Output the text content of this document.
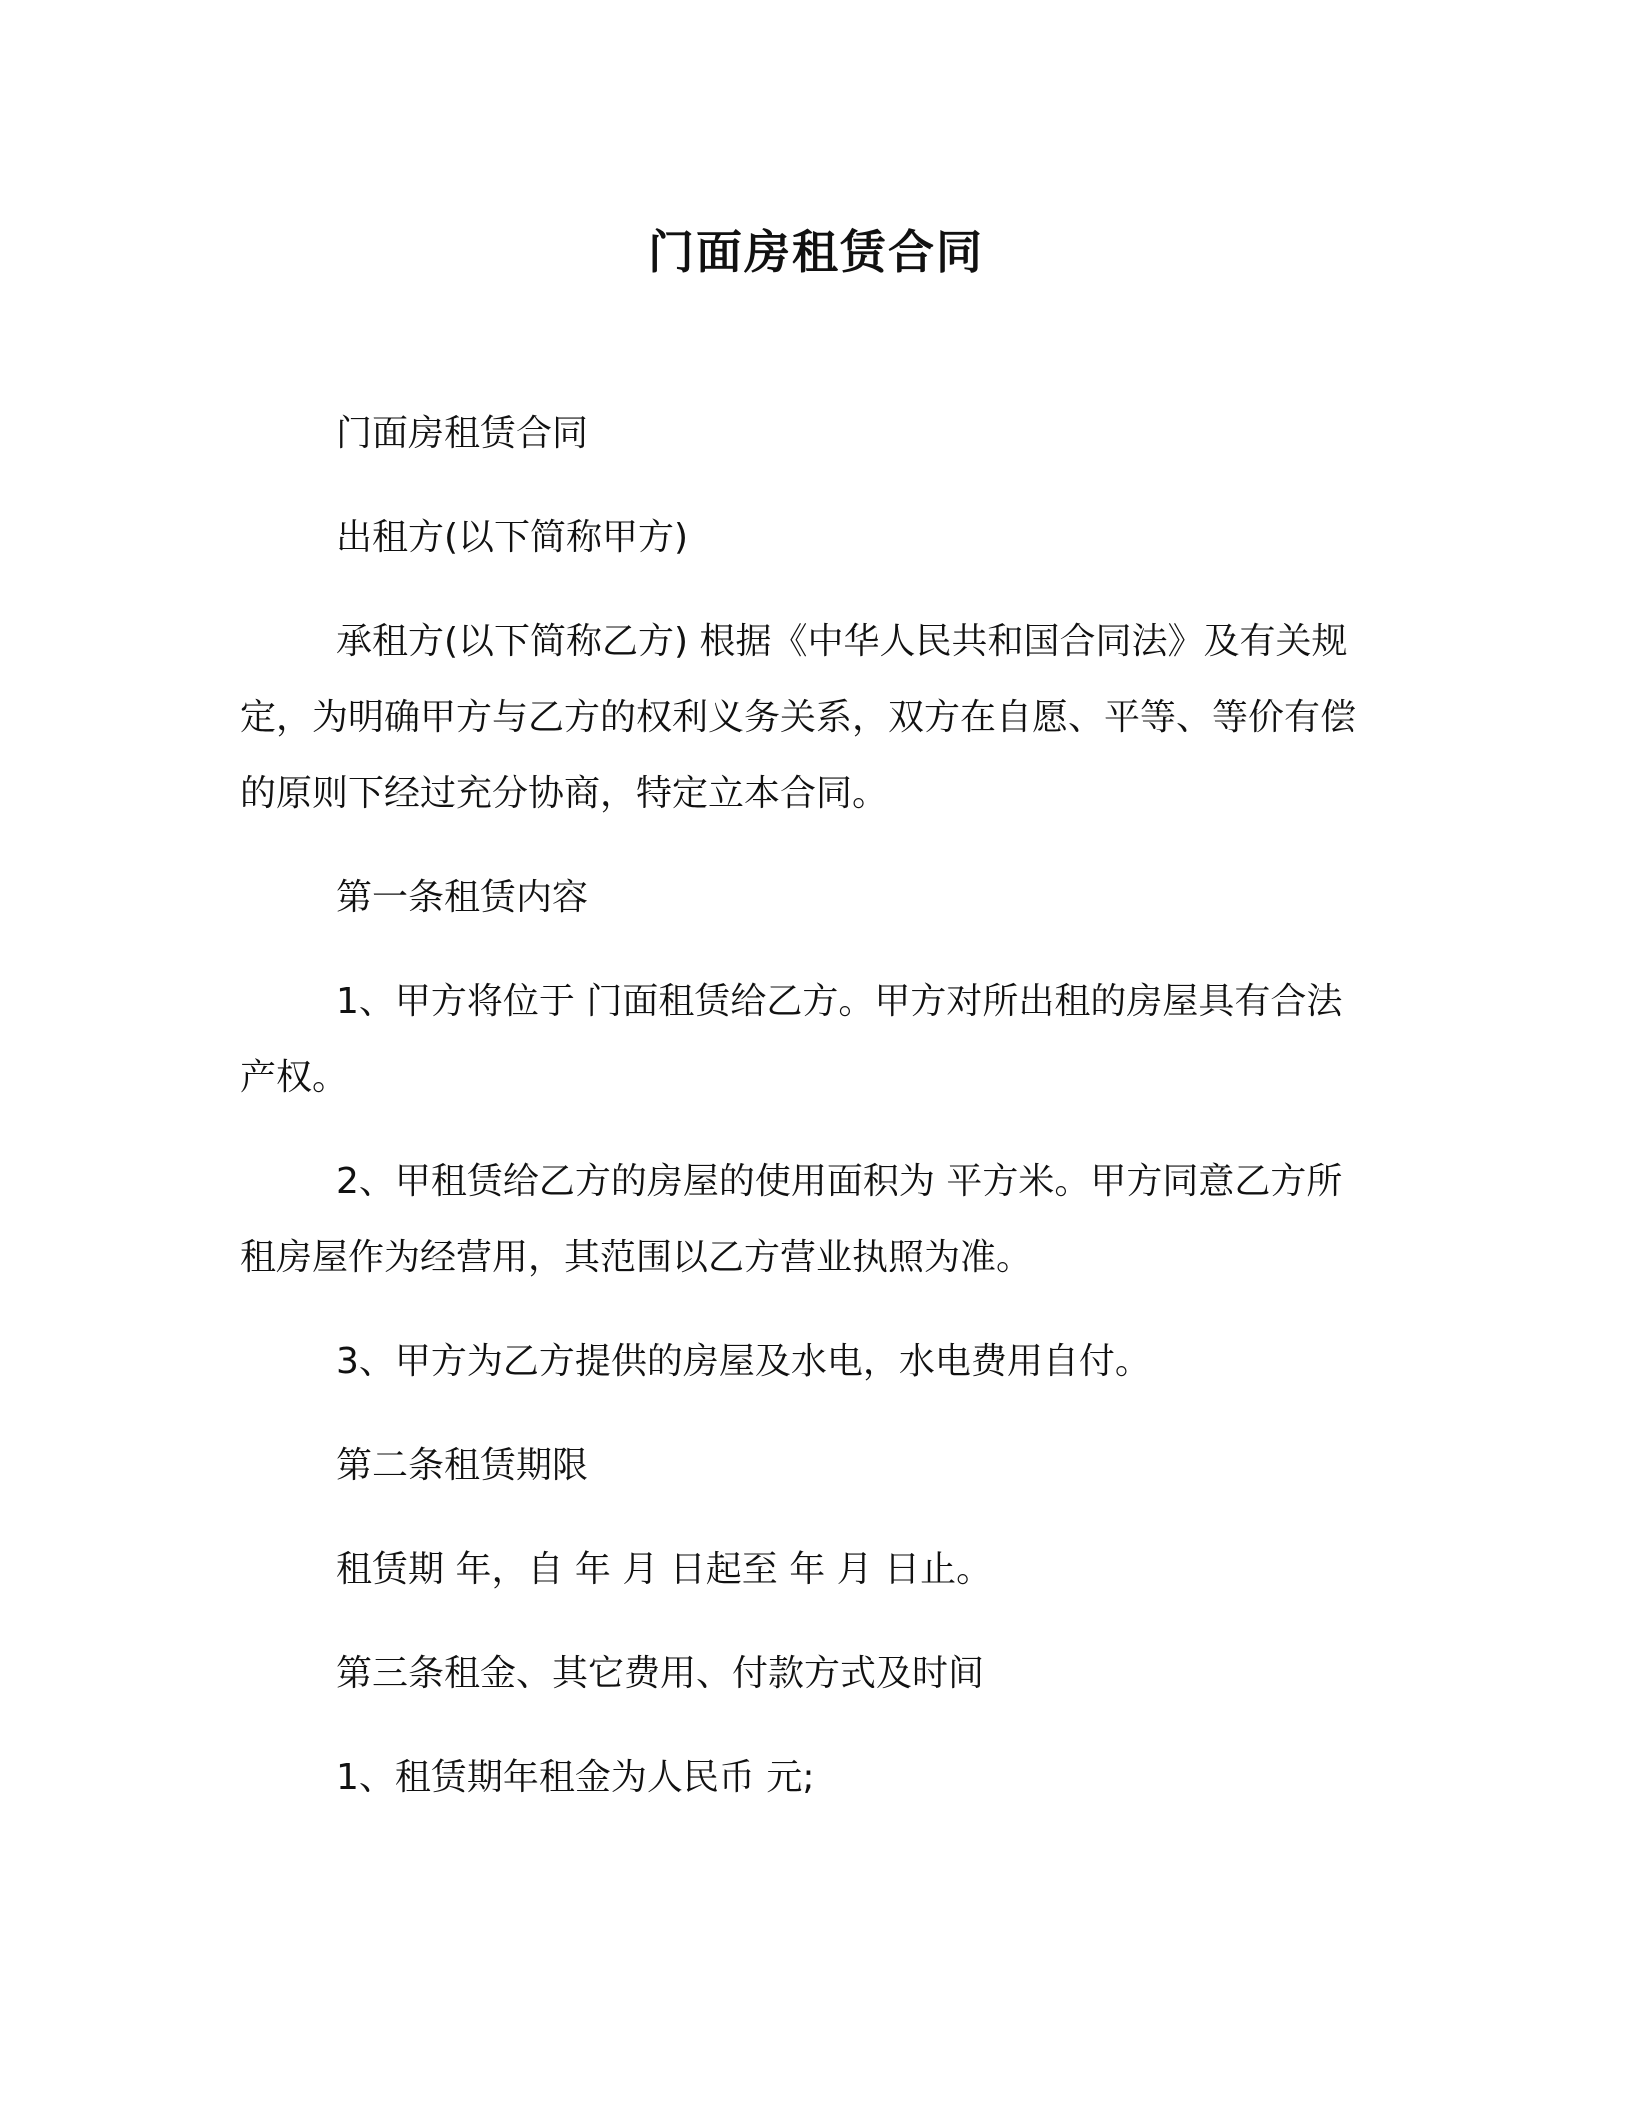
门面房租赁合同

门面房租赁合同

出租方(以下简称甲方)

承租方(以下简称乙方) 根据《中华人民共和国合同法》及有关规定，为明确甲方与乙方的权利义务关系，双方在自愿、平等、等价有偿的原则下经过充分协商，特定立本合同。

第一条租赁内容

1、甲方将位于 门面租赁给乙方。甲方对所出租的房屋具有合法产权。

2、甲租赁给乙方的房屋的使用面积为 平方米。甲方同意乙方所租房屋作为经营用，其范围以乙方营业执照为准。

3、甲方为乙方提供的房屋及水电，水电费用自付。

第二条租赁期限

租赁期 年，自 年 月 日起至 年 月 日止。

第三条租金、其它费用、付款方式及时间

1、租赁期年租金为人民币 元;
